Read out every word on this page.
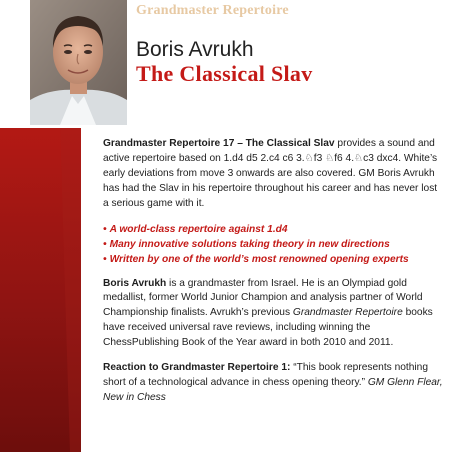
Grandmaster Repertoire
Boris Avrukh
The Classical Slav

Grandmaster Repertoire 17 – The Classical Slav provides a sound and active repertoire based on 1.d4 d5 2.c4 c6 3.♘f3 ♘f6 4.♘c3 dxc4. White’s early deviations from move 3 onwards are also covered. GM Boris Avrukh has had the Slav in his repertoire throughout his career and has never lost a serious game with it.

• A world-class repertoire against 1.d4
• Many innovative solutions taking theory in new directions
• Written by one of the world’s most renowned opening experts

Boris Avrukh is a grandmaster from Israel. He is an Olympiad gold medallist, former World Junior Champion and analysis partner of World Championship finalists. Avrukh’s previous Grandmaster Repertoire books have received universal rave reviews, including winning the ChessPublishing Book of the Year award in both 2010 and 2011.

Reaction to Grandmaster Repertoire 1: “This book represents nothing short of a technological advance in chess opening theory.” GM Glenn Flear, New in Chess
